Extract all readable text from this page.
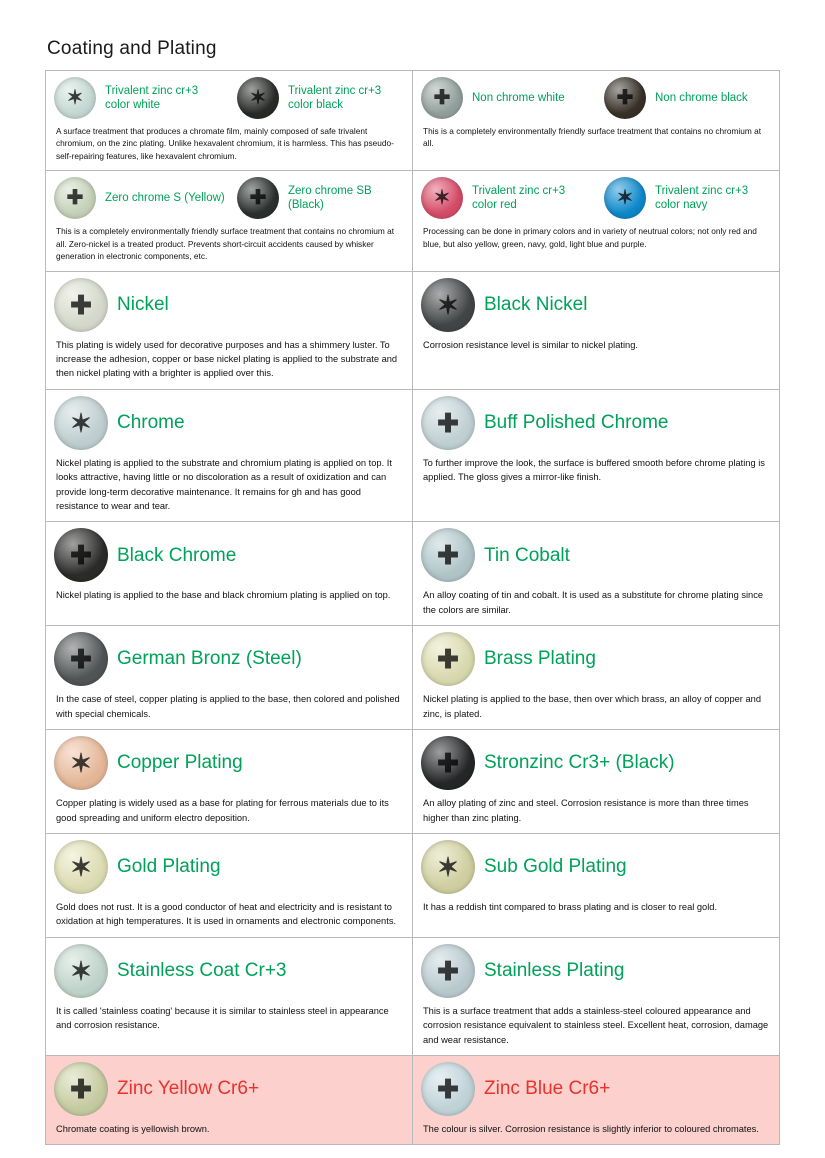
Coating and Plating
✶	Trivalent zinc cr+3 color white	✶	Trivalent zinc cr+3 color black
A surface treatment that produces a chromate film, mainly composed of safe trivalent chromium, on the zinc plating. Unlike hexavalent chromium, it is harmless. This has pseudo-self-repairing features, like hexavalent chromium.

✚	Non chrome white	✚	Non chrome black
This is a completely environmentally friendly surface treatment that contains no chromium at all.

✚	Zero chrome S (Yellow) ✚	Zero chrome SB (Black)
This is a completely environmentally friendly surface treatment that contains no chromium at all. Zero-nickel is a treated product. Prevents short-circuit accidents caused by whisker generation in electronic components, etc.

✶	Trivalent zinc cr+3 color red	✶	Trivalent zinc cr+3 color navy
Processing can be done in primary colors and in variety of neutrual colors; not only red and blue, but also yellow, green, navy, gold, light blue and purple.

✚	Nickel
This plating is widely used for decorative purposes and has a shimmery luster. To increase the adhesion, copper or base nickel plating is applied to the substrate and then nickel plating with a brighter is applied over this.

✶	Black Nickel
Corrosion resistance level is similar to nickel plating.

✶	Chrome
Nickel plating is applied to the substrate and chromium plating is applied on top. It looks attractive, having little or no discoloration as a result of oxidization and can provide long-term decorative maintenance. It remains for gh and has good resistance to wear and tear.

✚	Buff Polished Chrome
To further improve the look, the surface is buffered smooth before chrome plating is applied. The gloss gives a mirror-like finish.

✚	Black Chrome
Nickel plating is applied to the base and black chromium plating is applied on top.

✚	Tin Cobalt
An alloy coating of tin and cobalt. It is used as a substitute for chrome plating since the colors are similar.

✚	German Bronz (Steel)
In the case of steel, copper plating is applied to the base, then colored and polished with special chemicals.

✚	Brass Plating
Nickel plating is applied to the base, then over which brass, an alloy of copper and zinc, is plated.

✶	Copper Plating
Copper plating is widely used as a base for plating for ferrous materials due to its good spreading and uniform electro deposition.

✚	Stronzinc Cr3+ (Black)
An alloy plating of zinc and steel. Corrosion resistance is more than three times higher than zinc plating.

✶	Gold Plating
Gold does not rust. It is a good conductor of heat and electricity and is resistant to oxidation at high temperatures. It is used in ornaments and electronic components.

✶	Sub Gold Plating
It has a reddish tint compared to brass plating and is closer to real gold.

✶	Stainless Coat Cr+3
It is called 'stainless coating' because it is similar to stainless steel in appearance and corrosion resistance.

✚	Stainless Plating
This is a surface treatment that adds a stainless-steel coloured appearance and corrosion resistance equivalent to stainless steel. Excellent heat, corrosion, damage and wear resistance.

✚	Zinc Yellow Cr6+
Chromate coating is yellowish brown.

✚	Zinc Blue Cr6+
The colour is silver. Corrosion resistance is slightly inferior to coloured chromates.
